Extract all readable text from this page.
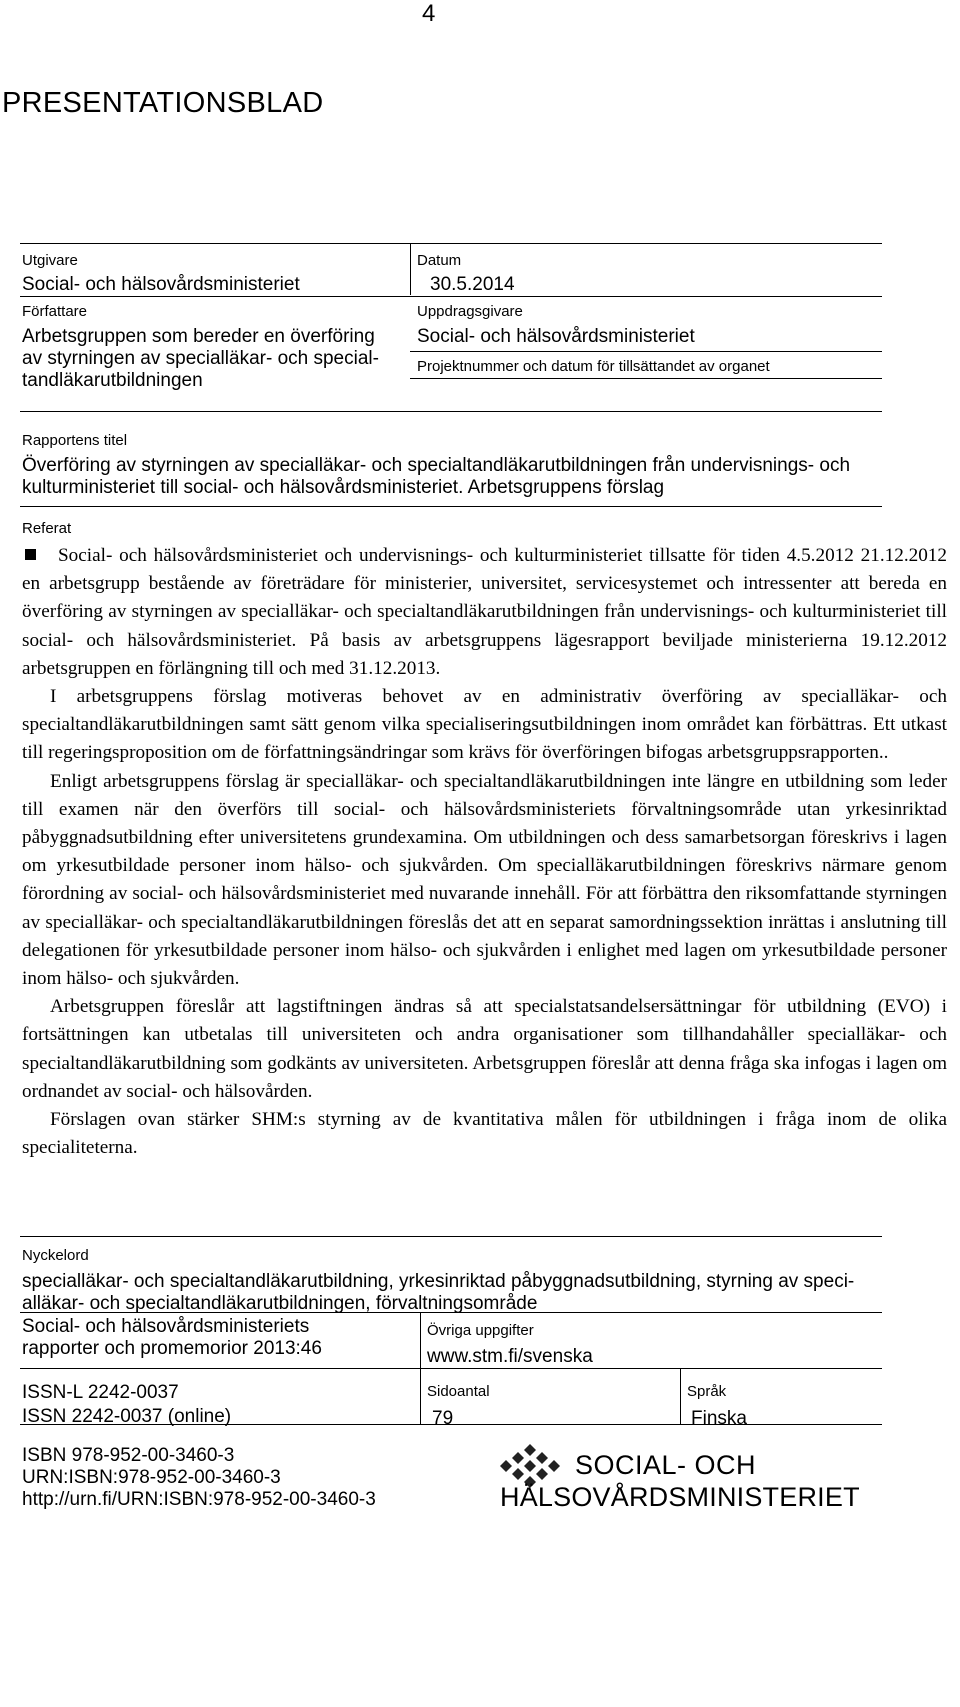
4
PRESENTATIONSBLAD
Utgivare
Social- och hälsovårdsministeriet
Datum
30.5.2014
Författare
Arbetsgruppen som bereder en överföring av styrningen av specialläkar- och special-tandläkarutbildningen
Uppdragsgivare
Social- och hälsovårdsministeriet
Projektnummer och datum för tillsättandet av organet
Rapportens titel
Överföring av styrningen av specialläkar- och specialtandläkarutbildningen från undervisnings- och kulturministeriet till social- och hälsovårdsministeriet. Arbetsgruppens förslag
Referat

Social- och hälsovårdsministeriet och undervisnings- och kulturministeriet tillsatte för tiden 4.5.2012 21.12.2012 en arbetsgrupp bestående av företrädare för ministerier, universitet, servicesystemet och intressenter att bereda en överföring av styrningen av specialläkar- och specialtandläkarutbildningen från undervisnings- och kulturministeriet till social- och hälsovårdsministeriet. På basis av arbetsgruppens lägesrapport beviljade ministerierna 19.12.2012 arbetsgruppen en förlängning till och med 31.12.2013.

I arbetsgruppens förslag motiveras behovet av en administrativ överföring av specialläkar- och specialtandläkarutbildningen samt sätt genom vilka specialiseringsutbildningen inom området kan förbättras. Ett utkast till regeringsproposition om de författningsändringar som krävs för överföringen bifogas arbetsgruppsrapporten..

Enligt arbetsgruppens förslag är specialläkar- och specialtandläkarutbildningen inte längre en utbildning som leder till examen när den överförs till social- och hälsovårdsministeriets förvaltningsområde utan yrkesinriktad påbyggnadsutbildning efter universitetens grundexamina. Om utbildningen och dess samarbetsorgan föreskrivs i lagen om yrkesutbildade personer inom hälso- och sjukvården. Om specialläkarutbildningen föreskrivs närmare genom förordning av social- och hälsovårdsministeriet med nuvarande innehåll. För att förbättra den riksomfattande styrningen av specialläkar- och specialtandläkarutbildningen föreslås det att en separat samordningssektion inrättas i anslutning till delegationen för yrkesutbildade personer inom hälso- och sjukvården i enlighet med lagen om yrkesutbildade personer inom hälso- och sjukvården.

Arbetsgruppen föreslår att lagstiftningen ändras så att specialstatsandelsersättningar för utbildning (EVO) i fortsättningen kan utbetalas till universiteten och andra organisationer som tillhandahåller specialläkar- och specialtandläkarutbildning som godkänts av universiteten. Arbetsgruppen föreslår att denna fråga ska infogas i lagen om ordnandet av social- och hälsovården.

Förslagen ovan stärker SHM:s styrning av de kvantitativa målen för utbildningen i fråga inom de olika specialiteterna.

Nyckelord
specialläkar- och specialtandläkarutbildning, yrkesinriktad påbyggnadsutbildning, styrning av speci-alläkar- och specialtandläkarutbildningen, förvaltningsområde
Social- och hälsovårdsministeriets
rapporter och promemorior 2013:46
Övriga uppgifter
www.stm.fi/svenska
ISSN-L 2242-0037
ISSN 2242-0037 (online)
Sidoantal
79
Språk
Finska
ISBN 978-952-00-3460-3
URN:ISBN:978-952-00-3460-3
http://urn.fi/URN:ISBN:978-952-00-3460-3
SOCIAL- OCH
HÄLSOVÅRDSMINISTERIET
